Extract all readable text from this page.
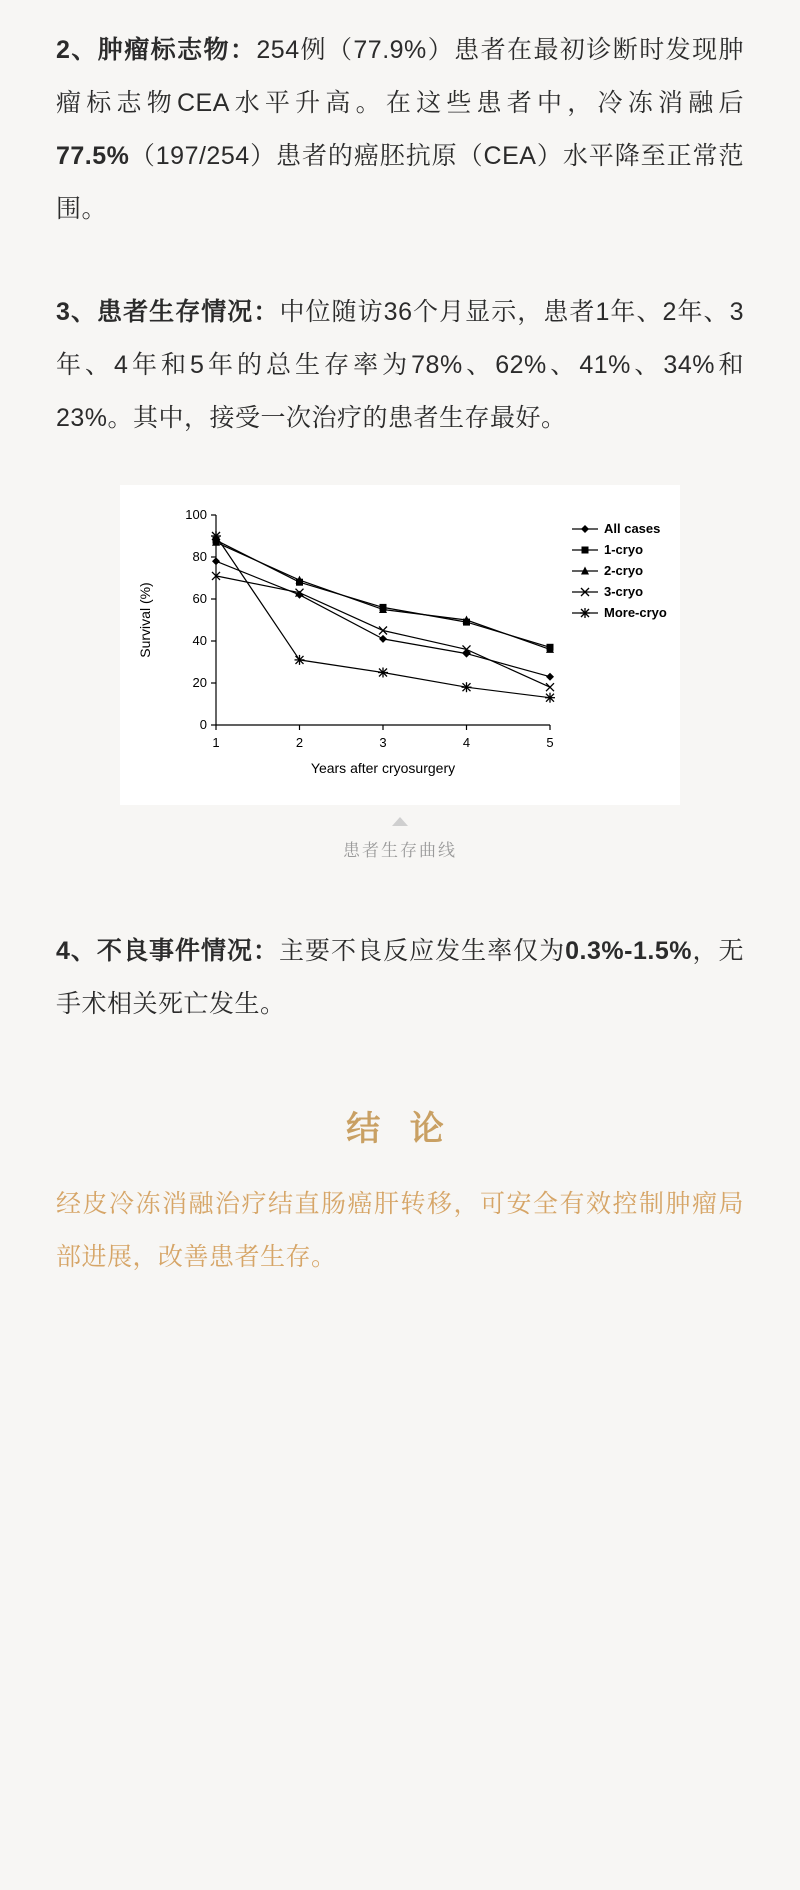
2、肿瘤标志物：254例（77.9%）患者在最初诊断时发现肿瘤标志物CEA水平升高。在这些患者中，冷冻消融后77.5%（197/254）患者的癌胚抗原（CEA）水平降至正常范围。

3、患者生存情况：中位随访36个月显示，患者1年、2年、3年、4年和5年的总生存率为78%、62%、41%、34%和23%。其中，接受一次治疗的患者生存最好。

0
20
40
60
80
100
1	2	3	4	5
Years after cryosurgery
Survival (%)
All cases
1-cryo
2-cryo
3-cryo
More-cryo
患者生存曲线

4、不良事件情况：主要不良反应发生率仅为0.3%-1.5%，无手术相关死亡发生。

结 论

经皮冷冻消融治疗结直肠癌肝转移，可安全有效控制肿瘤局部进展，改善患者生存。
